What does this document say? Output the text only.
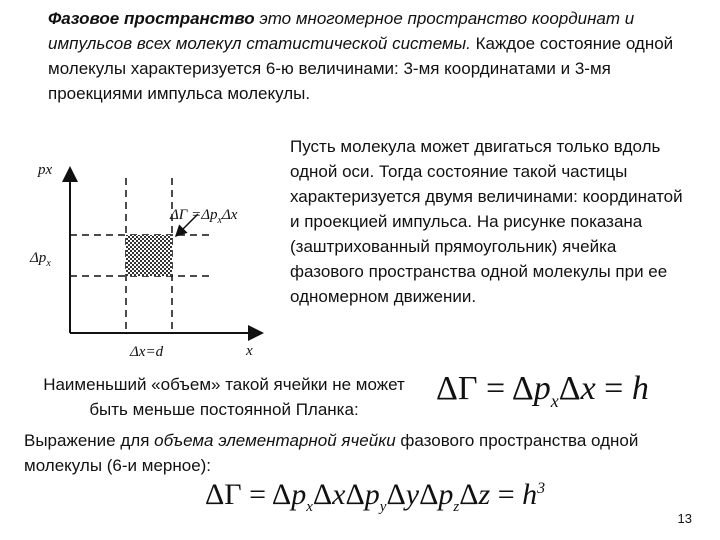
Фазовое пространство это многомерное пространство координат и импульсов всех молекул статистической системы. Каждое состояние одной молекулы характеризуется 6-ю величинами: 3-мя координатами и 3-мя проекциями импульса молекулы.
px
x
$\Delta\Gamma =\Delta p_x\Delta x$
$\Delta p_x$
Δx=d
Пусть молекула может двигаться только вдоль одной оси. Тогда состояние такой частицы характеризуется двумя величинами: координатой и проекцией импульса. На рисунке показана (заштрихованный прямоугольник) ячейка фазового пространства одной молекулы при ее одномерном движении.
Наименьший «объем» такой ячейки не может быть меньше постоянной Планка:
$\Delta\Gamma = \Delta p_x\Delta x = h$
Выражение для объема элементарной ячейки фазового пространства одной молекулы (6-и мерное):
$\Delta\Gamma = \Delta p_x\Delta x\Delta p_y\Delta y\Delta p_z\Delta z = h^3$
13
